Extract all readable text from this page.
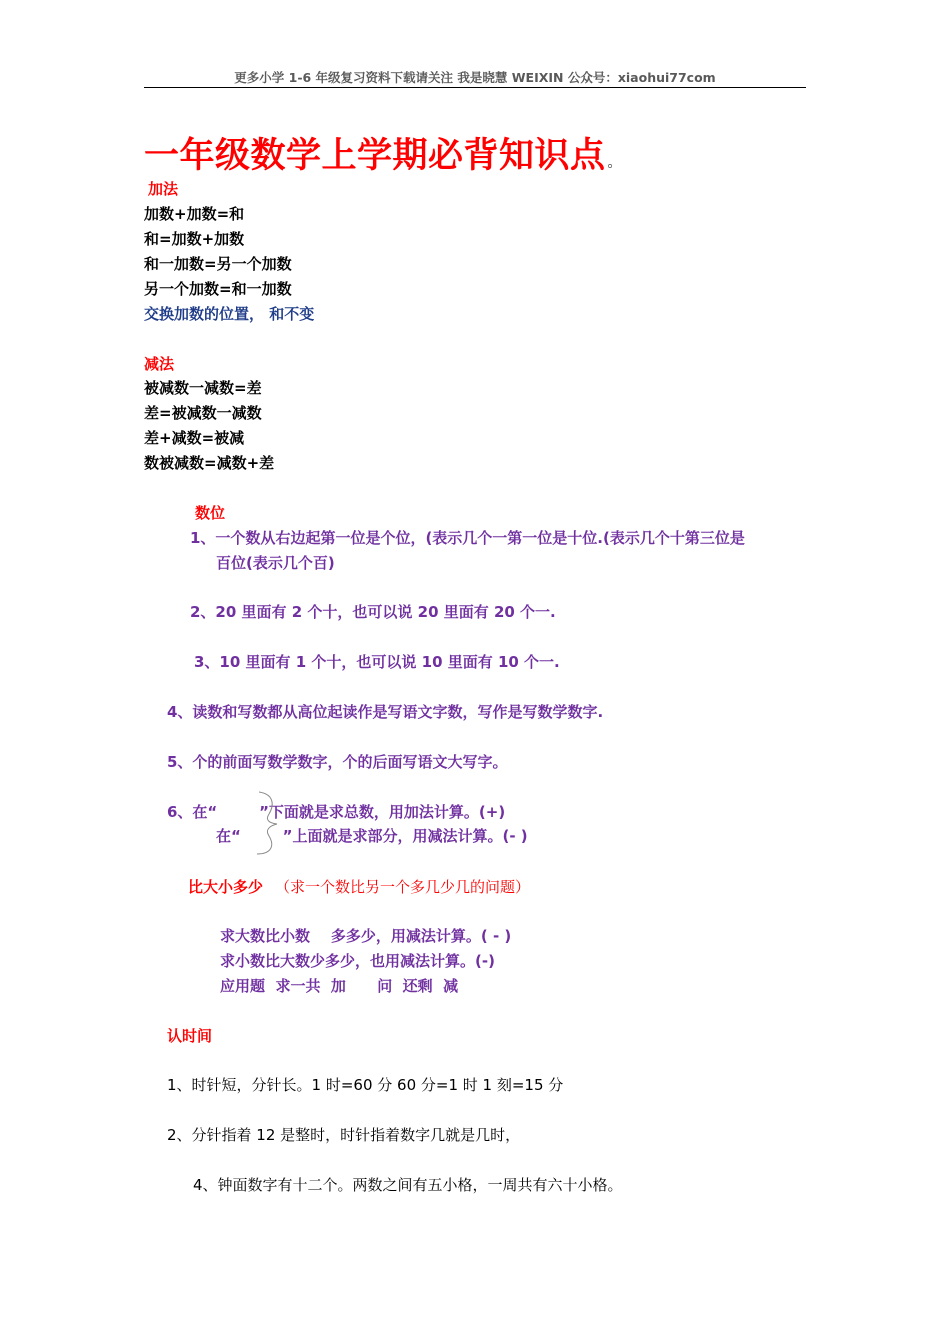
更多小学 1-6 年级复习资料下载请关注 我是晓慧 WEIXIN 公众号：xiaohui77com
一年级数学上学期必背知识点 。
加法
加数+加数=和
和=加数+加数
和一加数=另一个加数
另一个加数=和一加数
交换加数的位置， 和不变
减法
被减数一减数=差
差=被减数一减数
差+减数=被减
数被减数=减数+差
数位
1、一个数从右边起第一位是个位，(表示几个一第一位是十位.(表示几个十第三位是
百位(表示几个百)
2、20 里面有 2 个十，也可以说 20 里面有 20 个一.
3、10 里面有 1 个十，也可以说 10 里面有 10 个一.
4、读数和写数都从高位起读作是写语文字数，写作是写数学数字.
5、个的前面写数学数字，个的后面写语文大写字。
6、在“        ”下面就是求总数，用加法计算。(+)
在“        ”上面就是求部分，用减法计算。(- )
比大小多少 （求一个数比另一个多几少几的问题）
求大数比小数    多多少，用减法计算。( - )
求小数比大数少多少，也用减法计算。(-)
应用题  求一共  加      问  还剩  减
认时间
1、时针短，分针长。1 时=60 分 60 分=1 时 1 刻=15 分
2、分针指着 12 是整时，时针指着数字几就是几时，
4、钟面数字有十二个。两数之间有五小格，一周共有六十小格。
